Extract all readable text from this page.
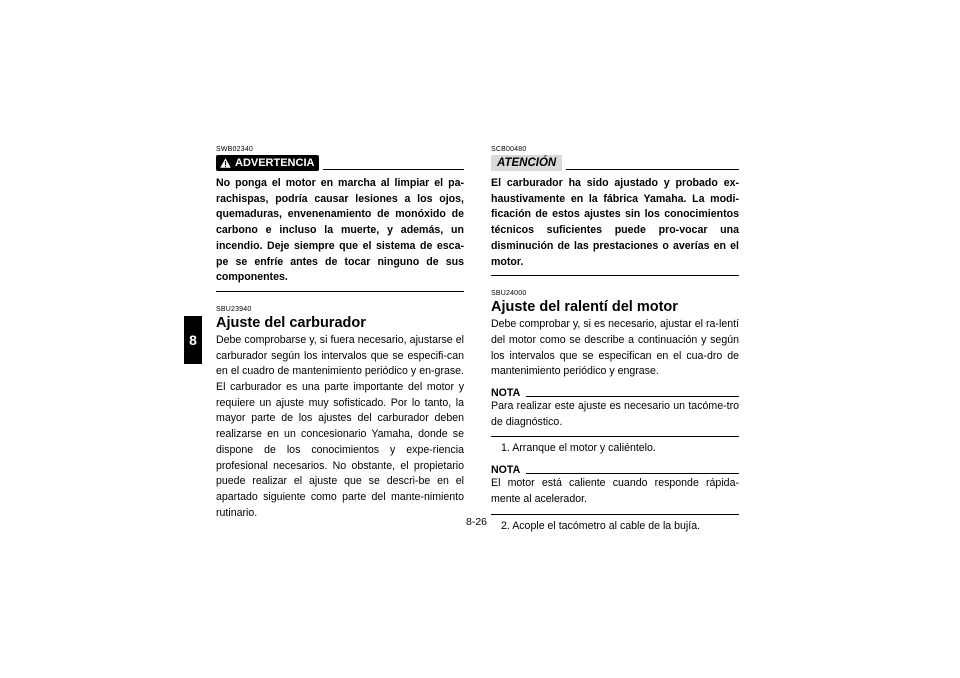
8
SWB02340
ADVERTENCIA

No ponga el motor en marcha al limpiar el pa-rachispas, podría causar lesiones a los ojos, quemaduras, envenenamiento de monóxido de carbono e incluso la muerte, y además, un incendio. Deje siempre que el sistema de esca-pe se enfríe antes de tocar ninguno de sus componentes.

SBU23940
Ajuste del carburador

Debe comprobarse y, si fuera necesario, ajustarse el carburador según los intervalos que se especifi-can en el cuadro de mantenimiento periódico y en-grase. El carburador es una parte importante del motor y requiere un ajuste muy sofisticado. Por lo tanto, la mayor parte de los ajustes del carburador deben realizarse en un concesionario Yamaha, donde se dispone de los conocimientos y expe-riencia profesional necesarios. No obstante, el propietario puede realizar el ajuste que se descri-be en el apartado siguiente como parte del mante-nimiento rutinario.

SCB00480
ATENCIÓN

El carburador ha sido ajustado y probado ex-haustivamente en la fábrica Yamaha. La modi-ficación de estos ajustes sin los conocimientos técnicos suficientes puede pro-vocar una disminución de las prestaciones o averías en el motor.

SBU24000
Ajuste del ralentí del motor

Debe comprobar y, si es necesario, ajustar el ra-lentí del motor como se describe a continuación y según los intervalos que se especifican en el cua-dro de mantenimiento periódico y engrase.

NOTA

Para realizar este ajuste es necesario un tacóme-tro de diagnóstico.

1. Arranque el motor y caliéntelo.

NOTA

El motor está caliente cuando responde rápida-mente al acelerador.

2. Acople el tacómetro al cable de la bujía.

8-26
